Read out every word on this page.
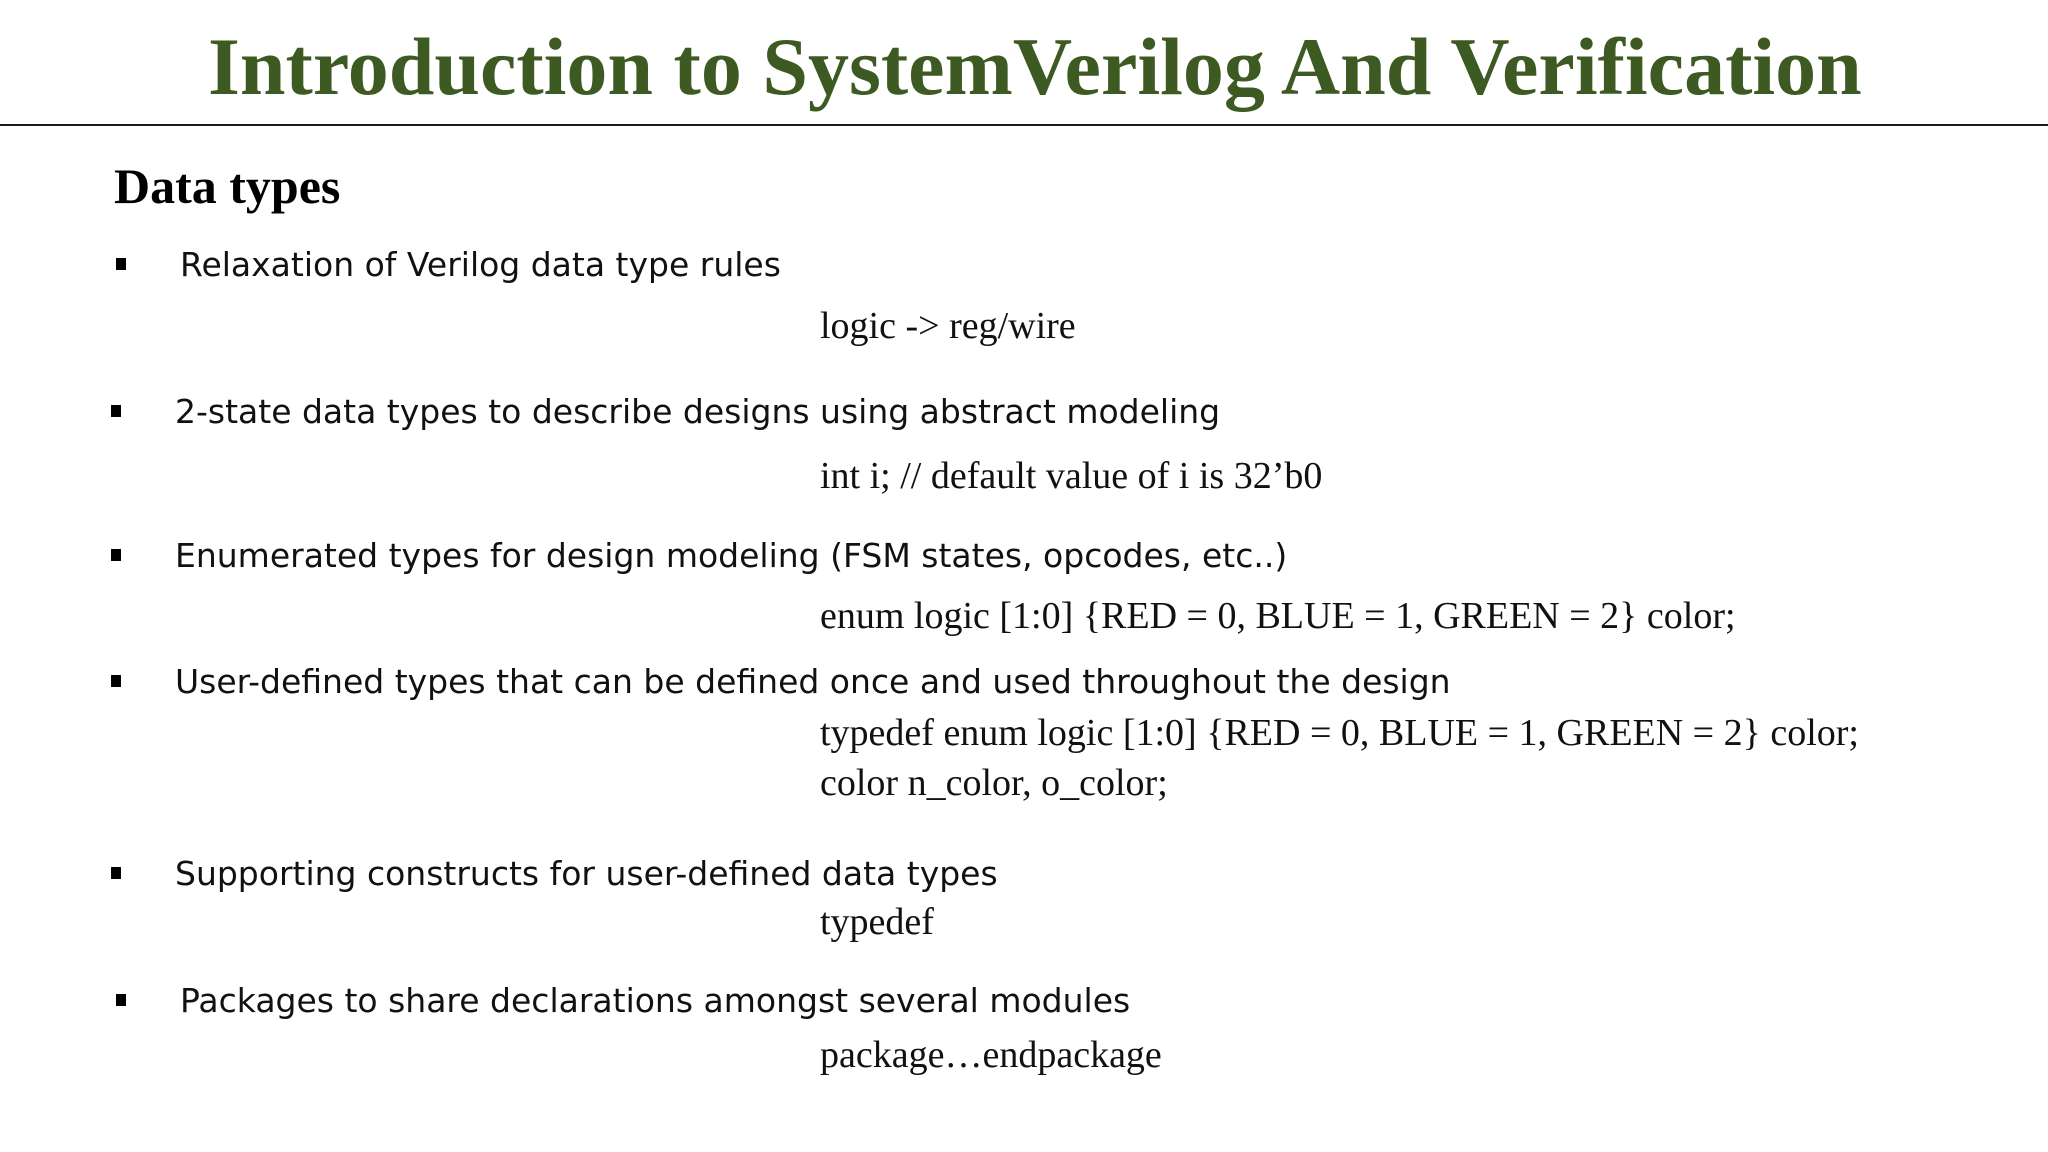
Introduction to SystemVerilog And Verification
Data types

Relaxation of Verilog data type rules

logic -> reg/wire

2-state data types to describe designs using abstract modeling

int i; // default value of i is 32’b0

Enumerated types for design modeling (FSM states, opcodes, etc..)

enum logic [1:0] {RED = 0, BLUE = 1, GREEN = 2} color;

User-defined types that can be defined once and used throughout the design

typedef enum logic [1:0] {RED = 0, BLUE = 1, GREEN = 2} color;

color n_color, o_color;

Supporting constructs for user-defined data types

typedef

Packages to share declarations amongst several modules

package…endpackage
